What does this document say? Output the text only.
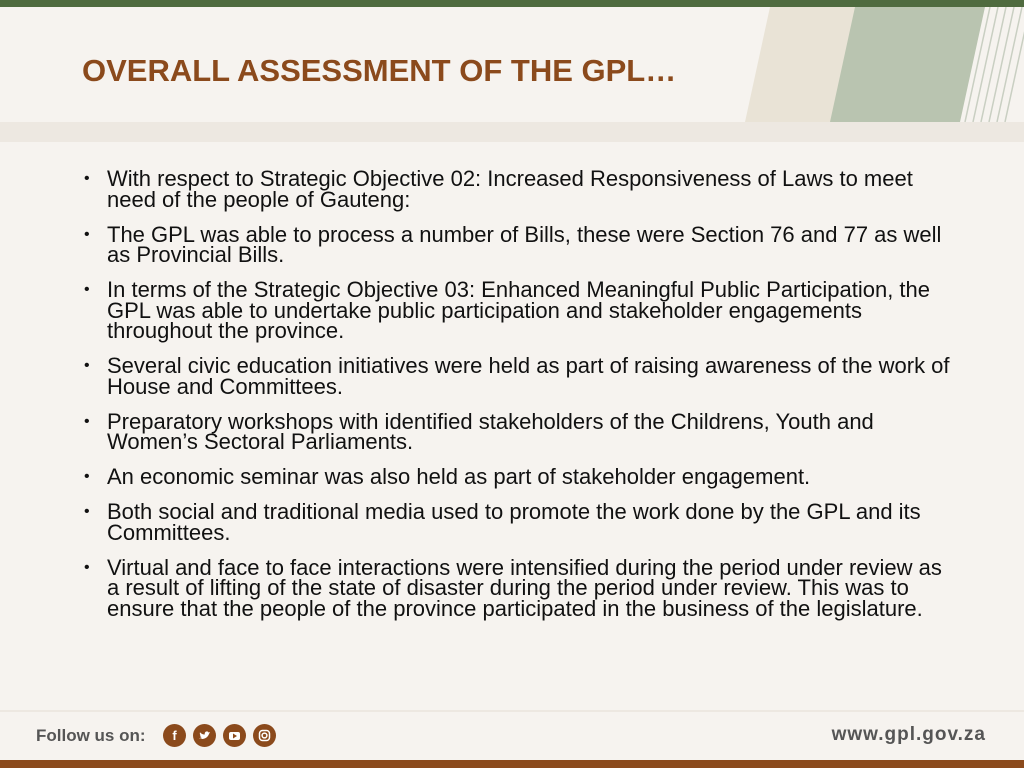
OVERALL ASSESSMENT OF THE GPL…
• With respect to Strategic Objective 02: Increased Responsiveness of Laws to meet need of the people of Gauteng:
• The GPL was able to process a number of Bills, these were Section 76 and 77 as well as Provincial Bills.
• In terms of the Strategic Objective 03: Enhanced Meaningful Public Participation, the GPL was able to undertake public participation and stakeholder engagements throughout the province.
• Several civic education initiatives were held as part of raising awareness of the work of House and Committees.
• Preparatory workshops with identified stakeholders of the Childrens, Youth and Women’s Sectoral Parliaments.
• An economic seminar was also held as part of stakeholder engagement.
• Both social and traditional media used to promote the work done by the GPL and its Committees.
• Virtual and face to face interactions were intensified during the period under review as a result of lifting of the state of disaster during the period under review. This was to ensure that the people of the province participated in the business of the legislature.
Follow us on:	f	www.gpl.gov.za
